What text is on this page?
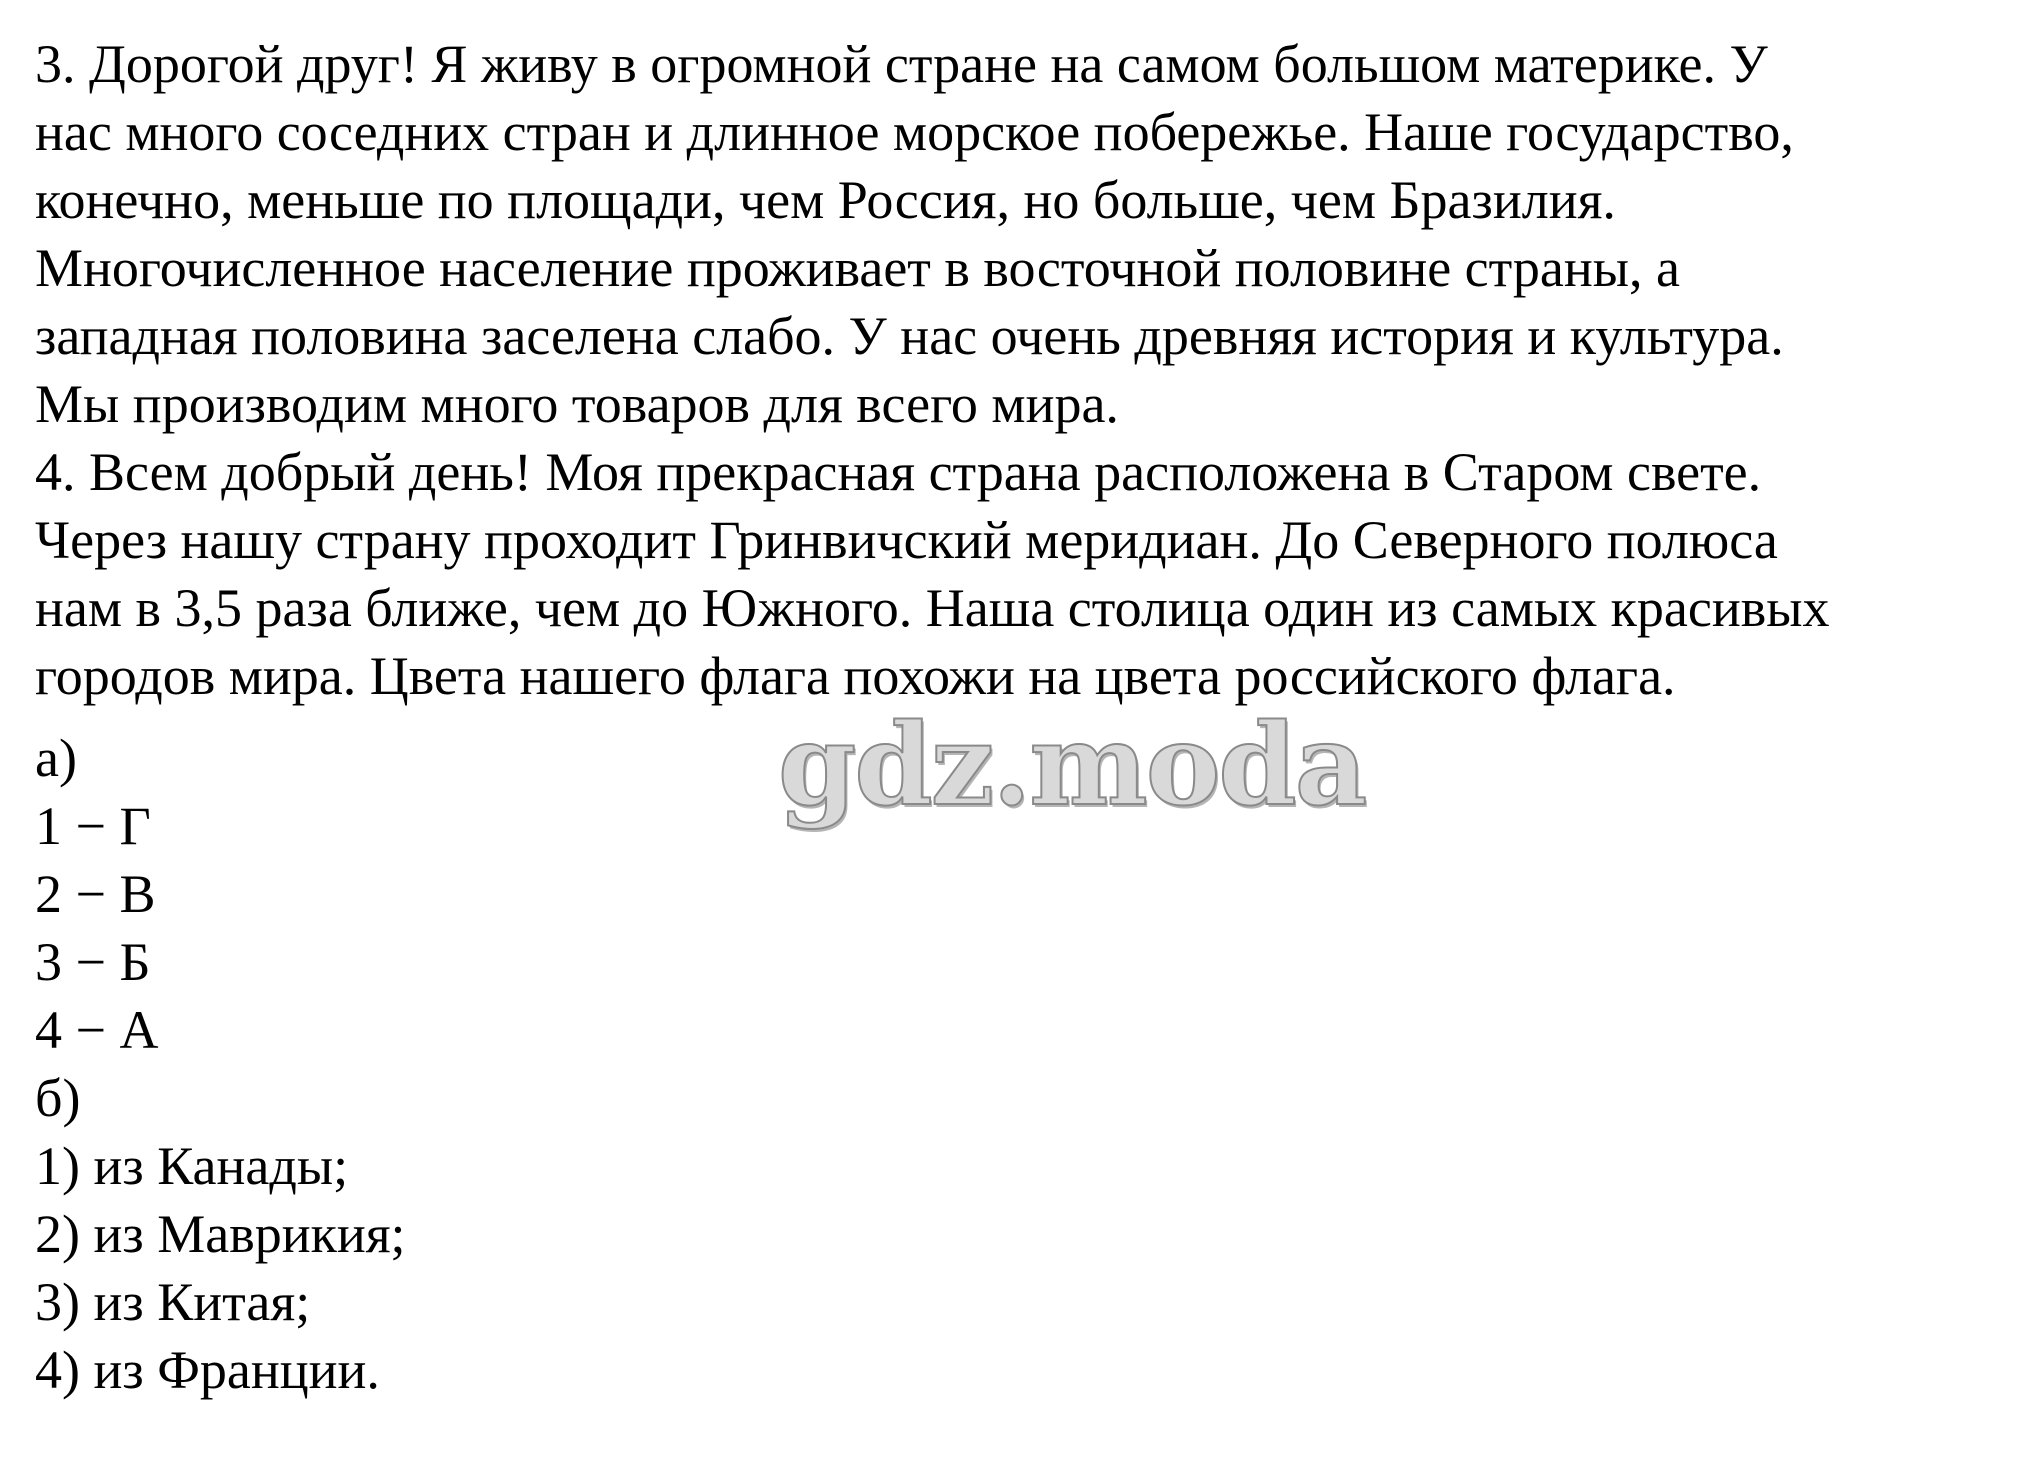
3. Дорогой друг! Я живу в огромной стране на самом большом материке. У
нас много соседних стран и длинное морское побережье. Наше государство,
конечно, меньше по площади, чем Россия, но больше, чем Бразилия.
Многочисленное население проживает в восточной половине страны, а
западная половина заселена слабо. У нас очень древняя история и культура.
Мы производим много товаров для всего мира.
4. Всем добрый день! Моя прекрасная страна расположена в Старом свете.
Через нашу страну проходит Гринвичский меридиан. До Северного полюса
нам в 3,5 раза ближе, чем до Южного. Наша столица один из самых красивых
городов мира. Цвета нашего флага похожи на цвета российского флага.
а)
1 − Г
2 − В
3 − Б
4 − А
б)
1) из Канады;
2) из Маврикия;
3) из Китая;
4) из Франции.
gdz.moda
